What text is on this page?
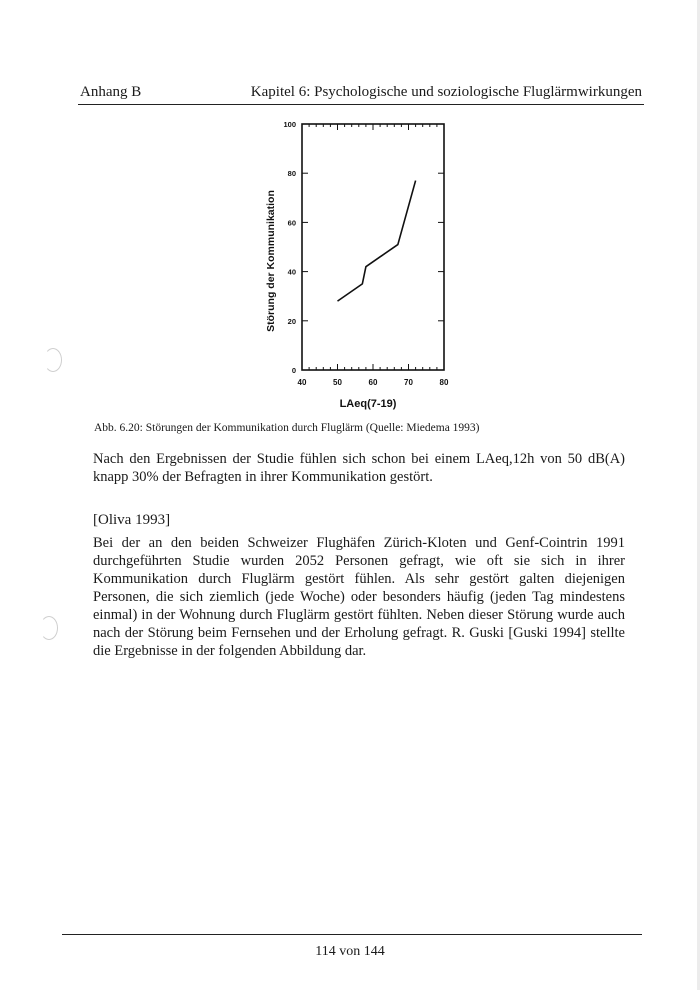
Anhang B	Kapitel 6: Psychologische und soziologische Fluglärmwirkungen
40	50	60	70	80
0
20
40
60
80
100
LAeq(7-19)
Störung der Kommunikation
Abb. 6.20: Störungen der Kommunikation durch Fluglärm (Quelle: Miedema 1993)

Nach den Ergebnissen der Studie fühlen sich schon bei einem LAeq,12h von 50 dB(A) knapp 30% der Befragten in ihrer Kommunikation gestört.

[Oliva 1993]

Bei der an den beiden Schweizer Flughäfen Zürich-Kloten und Genf-Cointrin 1991 durchgeführten Studie wurden 2052 Personen gefragt, wie oft sie sich in ihrer Kommunikation durch Fluglärm gestört fühlen. Als sehr gestört galten diejenigen Personen, die sich ziemlich (jede Woche) oder besonders häufig (jeden Tag mindestens einmal) in der Wohnung durch Fluglärm gestört fühlten. Neben dieser Störung wurde auch nach der Störung beim Fernsehen und der Erholung gefragt. R. Guski [Guski 1994] stellte die Ergebnisse in der folgenden Abbildung dar.

114 von 144
